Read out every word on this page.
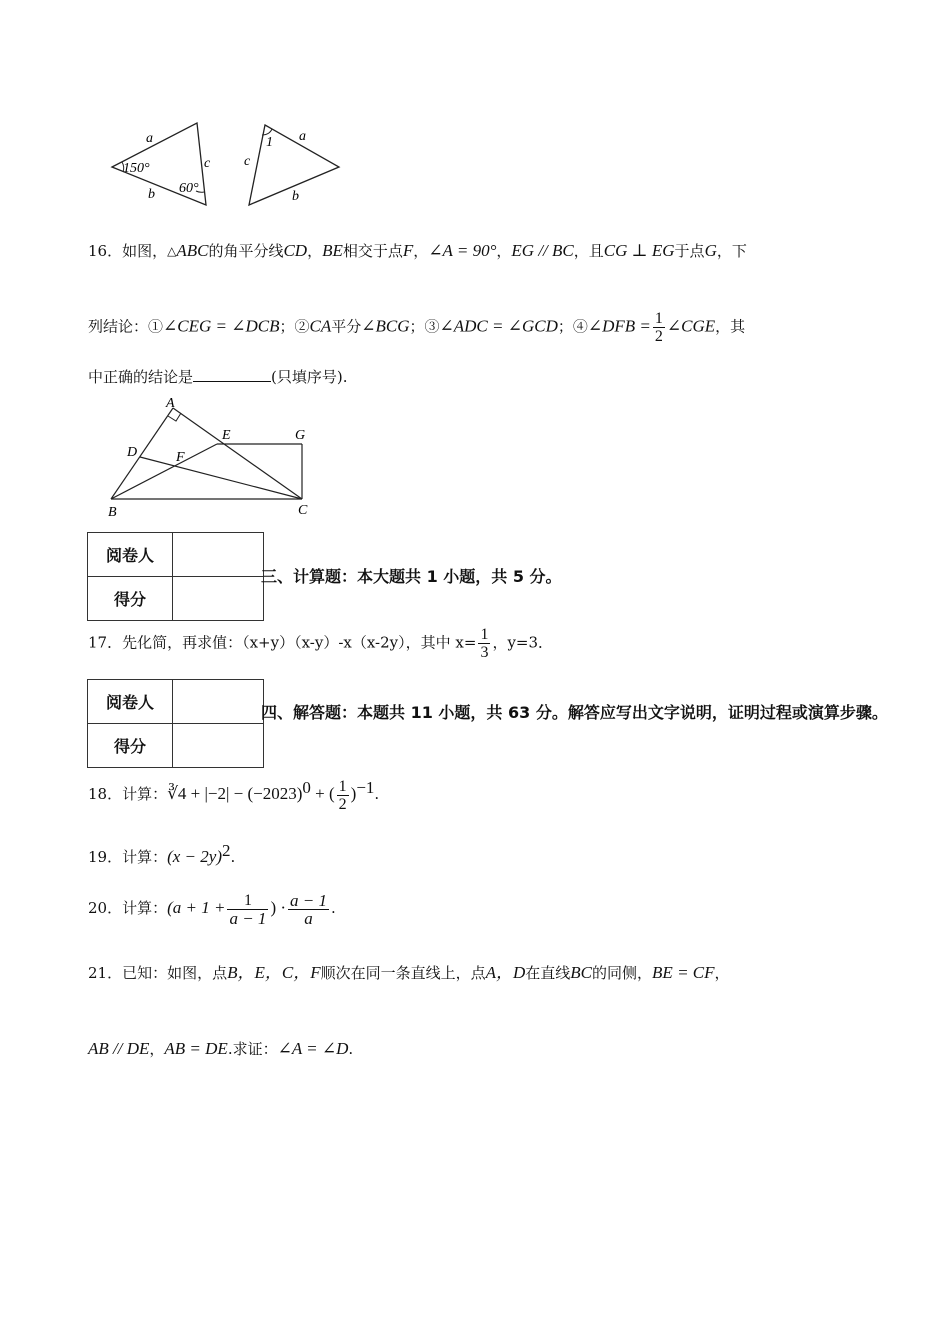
a
c
b
150°
60°
a
c
b
1
16．如图，△ABC的角平分线CD，BE相交于点F，∠A = 90°，EG // BC，且CG ⊥ EG于点G，下
列结论：①∠CEG = ∠DCB；②CA平分∠BCG；③∠ADC = ∠GCD；④∠DFB = $\frac{1}{2}$ ∠CGE，其
中正确的结论是	(只填序号).
A
E	G
D	F
B	C
阅卷人	
得分	
三、计算题：本大题共 1 小题，共 5 分。
17．先化简，再求值：（x+y）（x-y）-x（x-2y），其中 $x= \frac{1}{3}$ ，y=3．
阅卷人	
得分	
四、解答题：本题共 11 小题，共 63 分。解答应写出文字说明，证明过程或演算步骤。
18．计算：∛4 + $|-2| - (-2023)^0$ + ( $\frac{1}{2} )^{-1}$.
19．计算：$(x - 2y)^2$.
20．计算：($a + 1 + \frac{1}{a - 1}$ ) · $\frac{a - 1}{a}$ .
21．已知：如图，点B，E，C，F顺次在同一条直线上，点A，D在直线BC的同侧，BE = CF，
AB // DE，AB = DE.求证：∠A = ∠D.
